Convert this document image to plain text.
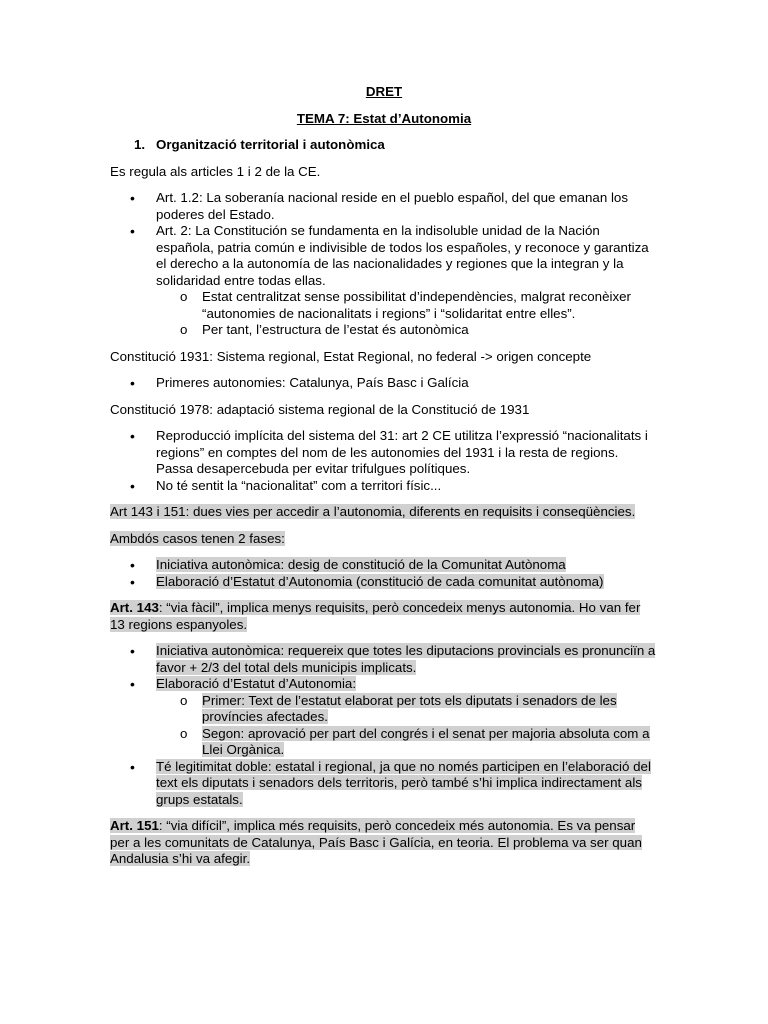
DRET

TEMA 7: Estat d’Autonomia

1. Organització territorial i autonòmica

Es regula als articles 1 i 2 de la CE.

• Art. 1.2: La soberanía nacional reside en el pueblo español, del que emanan los poderes del Estado.
• Art. 2: La Constitución se fundamenta en la indisoluble unidad de la Nación española, patria común e indivisible de todos los españoles, y reconoce y garantiza el derecho a la autonomía de las nacionalidades y regiones que la integran y la solidaridad entre todas ellas.
o Estat centralitzat sense possibilitat d’independències, malgrat reconèixer “autonomies de nacionalitats i regions” i “solidaritat entre elles”.
o Per tant, l’estructura de l’estat és autonòmica

Constitució 1931: Sistema regional, Estat Regional, no federal -> origen concepte

• Primeres autonomies: Catalunya, País Basc i Galícia

Constitució 1978: adaptació sistema regional de la Constitució de 1931

• Reproducció implícita del sistema del 31: art 2 CE utilitza l’expressió “nacionalitats i regions” en comptes del nom de les autonomies del 1931 i la resta de regions. Passa desapercebuda per evitar trifulgues polítiques.
• No té sentit la “nacionalitat” com a territori físic...

Art 143 i 151: dues vies per accedir a l’autonomia, diferents en requisits i conseqüències.

Ambdós casos tenen 2 fases:

• Iniciativa autonòmica: desig de constitució de la Comunitat Autònoma
• Elaboració d’Estatut d’Autonomia (constitució de cada comunitat autònoma)

Art. 143: “via fàcil”, implica menys requisits, però concedeix menys autonomia. Ho van fer 13 regions espanyoles.

• Iniciativa autonòmica: requereix que totes les diputacions provincials es pronunciïn a favor + 2/3 del total dels municipis implicats.
• Elaboració d’Estatut d’Autonomia:
o Primer: Text de l’estatut elaborat per tots els diputats i senadors de les províncies afectades.
o Segon: aprovació per part del congrés i el senat per majoria absoluta com a Llei Orgànica.
• Té legitimitat doble: estatal i regional, ja que no només participen en l’elaboració del text els diputats i senadors dels territoris, però també s’hi implica indirectament als grups estatals.

Art. 151: “via difícil”, implica més requisits, però concedeix més autonomia. Es va pensar per a les comunitats de Catalunya, País Basc i Galícia, en teoria. El problema va ser quan Andalusia s’hi va afegir.
